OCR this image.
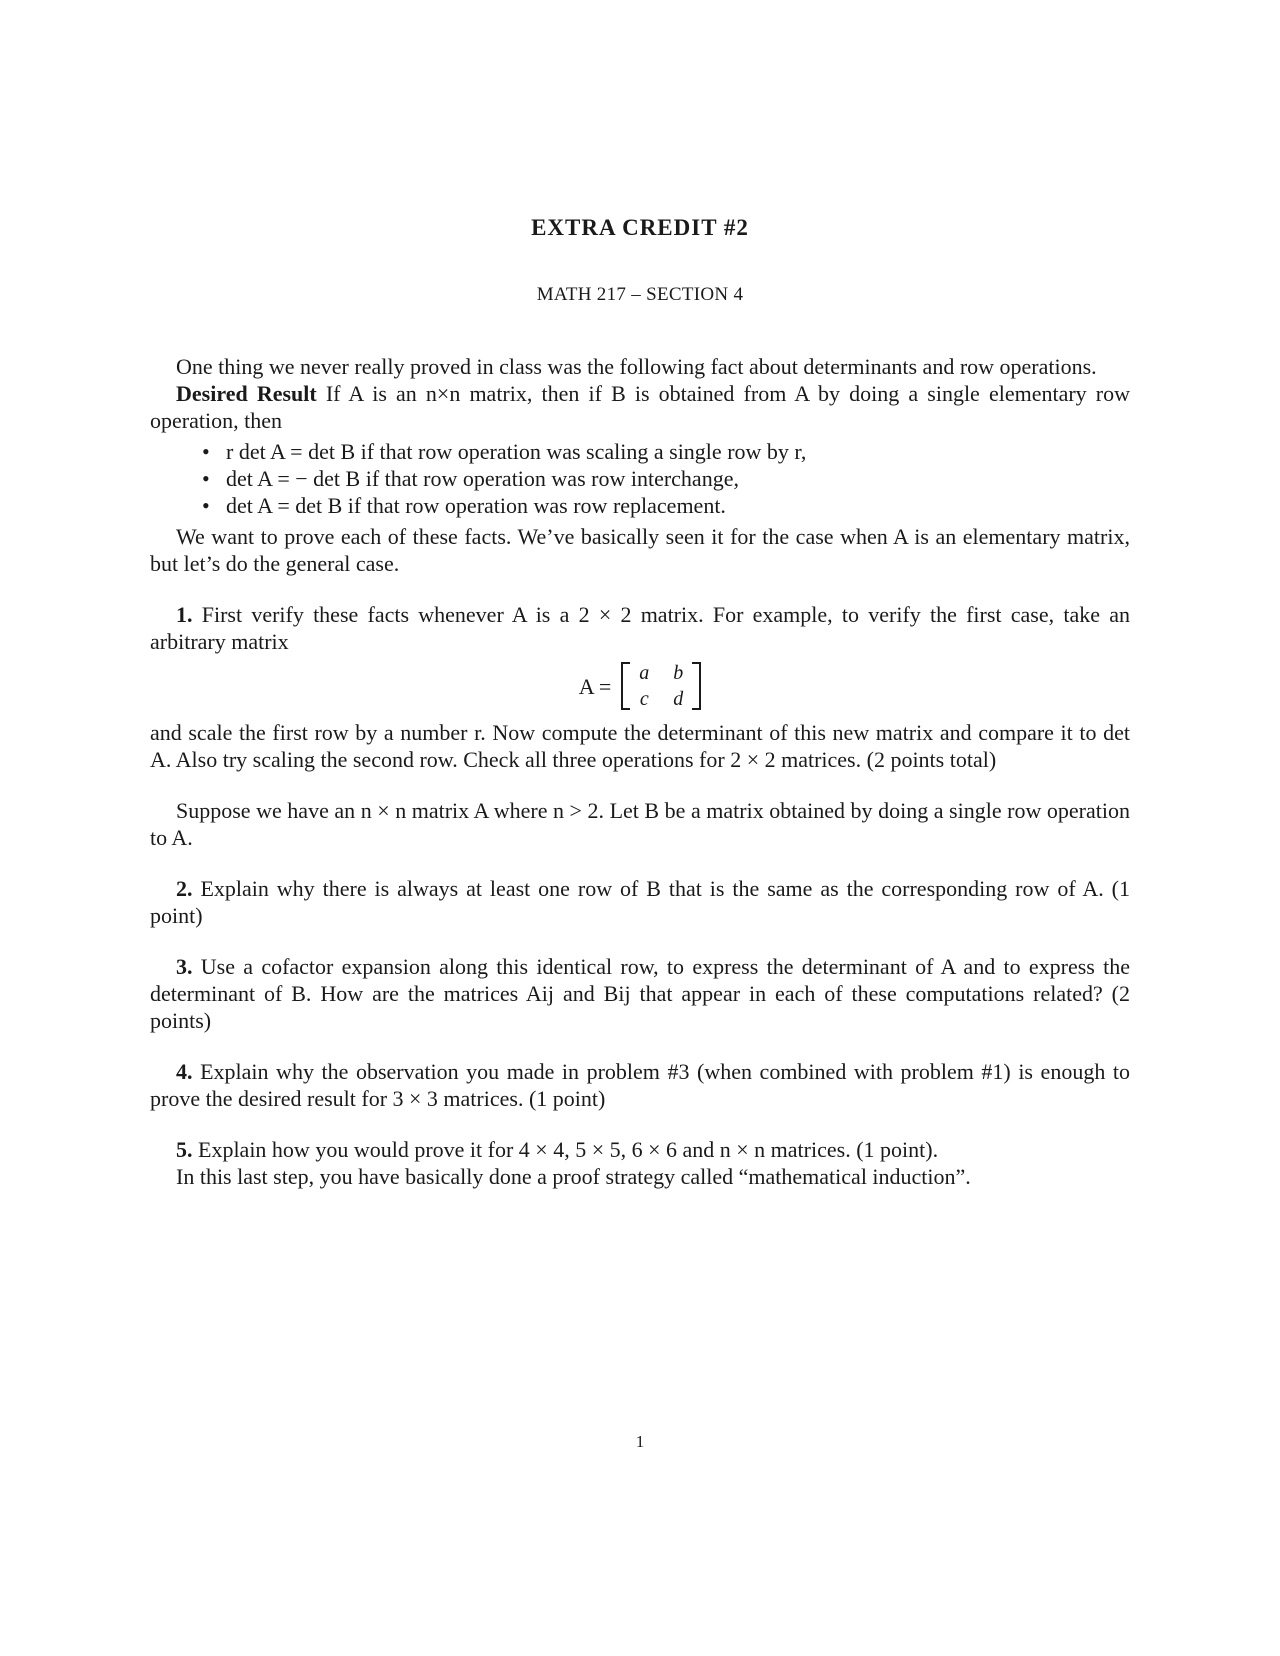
EXTRA CREDIT #2
MATH 217 – SECTION 4

One thing we never really proved in class was the following fact about determinants and row operations.

Desired Result If A is an n×n matrix, then if B is obtained from A by doing a single elementary row operation, then

• r det A = det B if that row operation was scaling a single row by r,
• det A = − det B if that row operation was row interchange,
• det A = det B if that row operation was row replacement.

We want to prove each of these facts. We’ve basically seen it for the case when A is an elementary matrix, but let’s do the general case.

1. First verify these facts whenever A is a 2 × 2 matrix. For example, to verify the first case, take an arbitrary matrix

A =
a	b
c	d

and scale the first row by a number r. Now compute the determinant of this new matrix and compare it to det A. Also try scaling the second row. Check all three operations for 2 × 2 matrices. (2 points total)

Suppose we have an n × n matrix A where n > 2. Let B be a matrix obtained by doing a single row operation to A.

2. Explain why there is always at least one row of B that is the same as the corresponding row of A. (1 point)

3. Use a cofactor expansion along this identical row, to express the determinant of A and to express the determinant of B. How are the matrices Aij and Bij that appear in each of these computations related? (2 points)

4. Explain why the observation you made in problem #3 (when combined with problem #1) is enough to prove the desired result for 3 × 3 matrices. (1 point)

5. Explain how you would prove it for 4 × 4, 5 × 5, 6 × 6 and n × n matrices. (1 point).

In this last step, you have basically done a proof strategy called “mathematical induction”.

1
